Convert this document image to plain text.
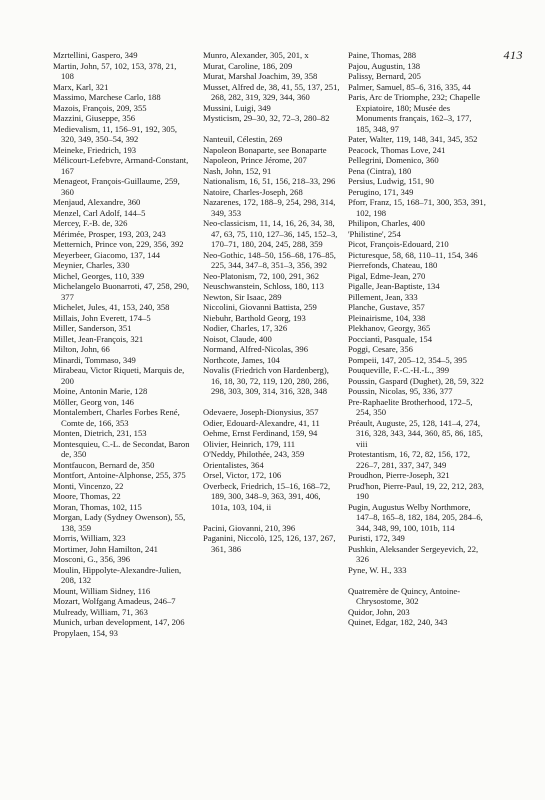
413
Mzrtellini, Gaspero, 349
Martin, John, 57, 102, 153, 378, 21, 108
Marx, Karl, 321
Massimo, Marchese Carlo, 188
Mazois, François, 209, 355
Mazzini, Giuseppe, 356
Medievalism, 11, 156–91, 192, 305, 320, 349, 350–54, 392
Meineke, Friedrich, 193
Mélicourt-Lefebvre, Armand-Constant, 167
Menageot, François-Guillaume, 259, 360
Menjaud, Alexandre, 360
Menzel, Carl Adolf, 144–5
Mercey, F.-B. de, 326
Mérimée, Prosper, 193, 203, 243
Metternich, Prince von, 229, 356, 392
Meyerbeer, Giacomo, 137, 144
Meynier, Charles, 330
Michel, Georges, 110, 339
Michelangelo Buonarroti, 47, 258, 290, 377
Michelet, Jules, 41, 153, 240, 358
Millais, John Everett, 174–5
Miller, Sanderson, 351
Millet, Jean-François, 321
Milton, John, 66
Minardi, Tommaso, 349
Mirabeau, Victor Riqueti, Marquis de, 200
Moine, Antonin Marie, 128
Möller, Georg von, 146
Montalembert, Charles Forbes René, Comte de, 166, 353
Monten, Dietrich, 231, 153
Montesquieu, C.-L. de Secondat, Baron de, 350
Montfaucon, Bernard de, 350
Montfort, Antoine-Alphonse, 255, 375
Monti, Vincenzo, 22
Moore, Thomas, 22
Moran, Thomas, 102, 115
Morgan, Lady (Sydney Owenson), 55, 138, 359
Morris, William, 323
Mortimer, John Hamilton, 241
Mosconi, G., 356, 396
Moulin, Hippolyte-Alexandre-Julien, 208, 132
Mount, William Sidney, 116
Mozart, Wolfgang Amadeus, 246–7
Mulready, William, 71, 363
Munich, urban development, 147, 206
Propylaen, 154, 93
Munro, Alexander, 305, 201, x
Murat, Caroline, 186, 209
Murat, Marshal Joachim, 39, 358
Musset, Alfred de, 38, 41, 55, 137, 251, 268, 282, 319, 329, 344, 360
Mussini, Luigi, 349
Mysticism, 29–30, 32, 72–3, 280–82
Nanteuil, Célestin, 269
Napoleon Bonaparte, see Bonaparte
Napoleon, Prince Jérome, 207
Nash, John, 152, 91
Nationalism, 16, 51, 156, 218–33, 296
Natoire, Charles-Joseph, 268
Nazarenes, 172, 188–9, 254, 298, 314, 349, 353
Neo-classicism, 11, 14, 16, 26, 34, 38, 47, 63, 75, 110, 127–36, 145, 152–3, 170–71, 180, 204, 245, 288, 359
Neo-Gothic, 148–50, 156–68, 176–85, 225, 344, 347–8, 351–3, 356, 392
Neo-Platonism, 72, 100, 291, 362
Neuschwanstein, Schloss, 180, 113
Newton, Sir Isaac, 289
Niccolini, Giovanni Battista, 259
Niebuhr, Barthold Georg, 193
Nodier, Charles, 17, 326
Noisot, Claude, 400
Normand, Alfred-Nicolas, 396
Northcote, James, 104
Novalis (Friedrich von Hardenberg), 16, 18, 30, 72, 119, 120, 280, 286, 298, 303, 309, 314, 316, 328, 348
Odevaere, Joseph-Dionysius, 357
Odier, Edouard-Alexandre, 41, 11
Oehme, Ernst Ferdinand, 159, 94
Olivier, Heinrich, 179, 111
O'Neddy, Philothée, 243, 359
Orientalistes, 364
Orsel, Victor, 172, 106
Overbeck, Friedrich, 15–16, 168–72, 189, 300, 348–9, 363, 391, 406, 101a, 103, 104, ii
Pacini, Giovanni, 210, 396
Paganini, Niccolò, 125, 126, 137, 267, 361, 386
Paine, Thomas, 288
Pajou, Augustin, 138
Palissy, Bernard, 205
Palmer, Samuel, 85–6, 316, 335, 44
Paris, Arc de Triomphe, 232; Chapelle Expiatoire, 180; Musée des Monuments français, 162–3, 177, 185, 348, 97
Pater, Walter, 119, 148, 341, 345, 352
Peacock, Thomas Love, 241
Pellegrini, Domenico, 360
Pena (Cintra), 180
Persius, Ludwig, 151, 90
Perugino, 171, 349
Pforr, Franz, 15, 168–71, 300, 353, 391, 102, 198
Philipon, Charles, 400
'Philistine', 254
Picot, François-Edouard, 210
Picturesque, 58, 68, 110–11, 154, 346
Pierrefonds, Chateau, 180
Pigal, Edme-Jean, 270
Pigalle, Jean-Baptiste, 134
Pillement, Jean, 333
Planche, Gustave, 357
Pleinairisme, 104, 338
Plekhanov, Georgy, 365
Pocciantì, Pasquale, 154
Poggi, Cesare, 356
Pompeii, 147, 205–12, 354–5, 395
Pouqueville, F.-C.-H.-L., 399
Poussin, Gaspard (Dughet), 28, 59, 322
Poussin, Nicolas, 95, 336, 377
Pre-Raphaelite Brotherhood, 172–5, 254, 350
Préault, Auguste, 25, 128, 141–4, 274, 316, 328, 343, 344, 360, 85, 86, 185, viii
Protestantism, 16, 72, 82, 156, 172, 226–7, 281, 337, 347, 349
Proudhon, Pierre-Joseph, 321
Prud'hon, Pierre-Paul, 19, 22, 212, 283, 190
Pugin, Augustus Welby Northmore, 147–8, 165–8, 182, 184, 205, 284–6, 344, 348, 99, 100, 101b, 114
Puristi, 172, 349
Pushkin, Aleksander Sergeyevich, 22, 326
Pyne, W. H., 333
Quatremère de Quincy, Antoine-Chrysostome, 302
Quidor, John, 203
Quinet, Edgar, 182, 240, 343
